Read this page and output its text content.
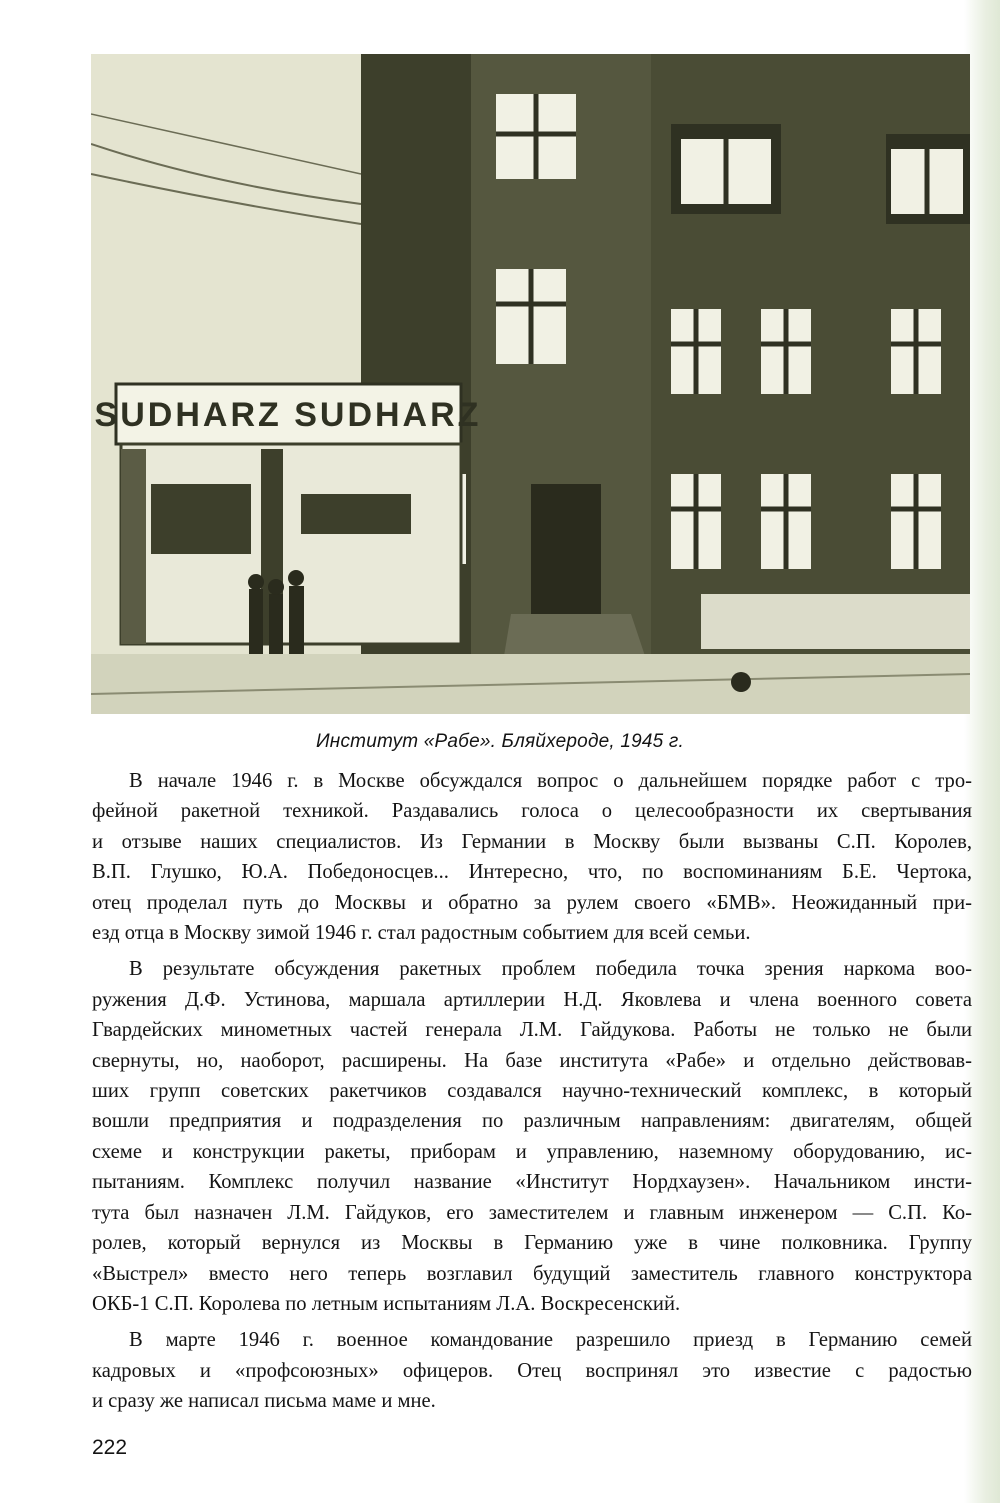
SUDHARZ SUDHARZ
Институт «Рабе». Бляйхероде, 1945 г.

В начале 1946 г. в Москве обсуждался вопрос о дальнейшем порядке работ с тро-
фейной ракетной техникой. Раздавались голоса о целесообразности их свертывания
и отзыве наших специалистов. Из Германии в Москву были вызваны С.П. Королев,
В.П. Глушко, Ю.А. Победоносцев... Интересно, что, по воспоминаниям Б.Е. Чертока,
отец проделал путь до Москвы и обратно за рулем своего «БМВ». Неожиданный при-
езд отца в Москву зимой 1946 г. стал радостным событием для всей семьи.

В результате обсуждения ракетных проблем победила точка зрения наркома воо-
ружения Д.Ф. Устинова, маршала артиллерии Н.Д. Яковлева и члена военного совета
Гвардейских минометных частей генерала Л.М. Гайдукова. Работы не только не были
свернуты, но, наоборот, расширены. На базе института «Рабе» и отдельно действовав-
ших групп советских ракетчиков создавался научно-технический комплекс, в который
вошли предприятия и подразделения по различным направлениям: двигателям, общей
схеме и конструкции ракеты, приборам и управлению, наземному оборудованию, ис-
пытаниям. Комплекс получил название «Институт Нордхаузен». Начальником инсти-
тута был назначен Л.М. Гайдуков, его заместителем и главным инженером — С.П. Ко-
ролев, который вернулся из Москвы в Германию уже в чине полковника. Группу
«Выстрел» вместо него теперь возглавил будущий заместитель главного конструктора
ОКБ-1 С.П. Королева по летным испытаниям Л.А. Воскресенский.

В марте 1946 г. военное командование разрешило приезд в Германию семей
кадровых и «профсоюзных» офицеров. Отец воспринял это известие с радостью
и сразу же написал письма маме и мне.

222
